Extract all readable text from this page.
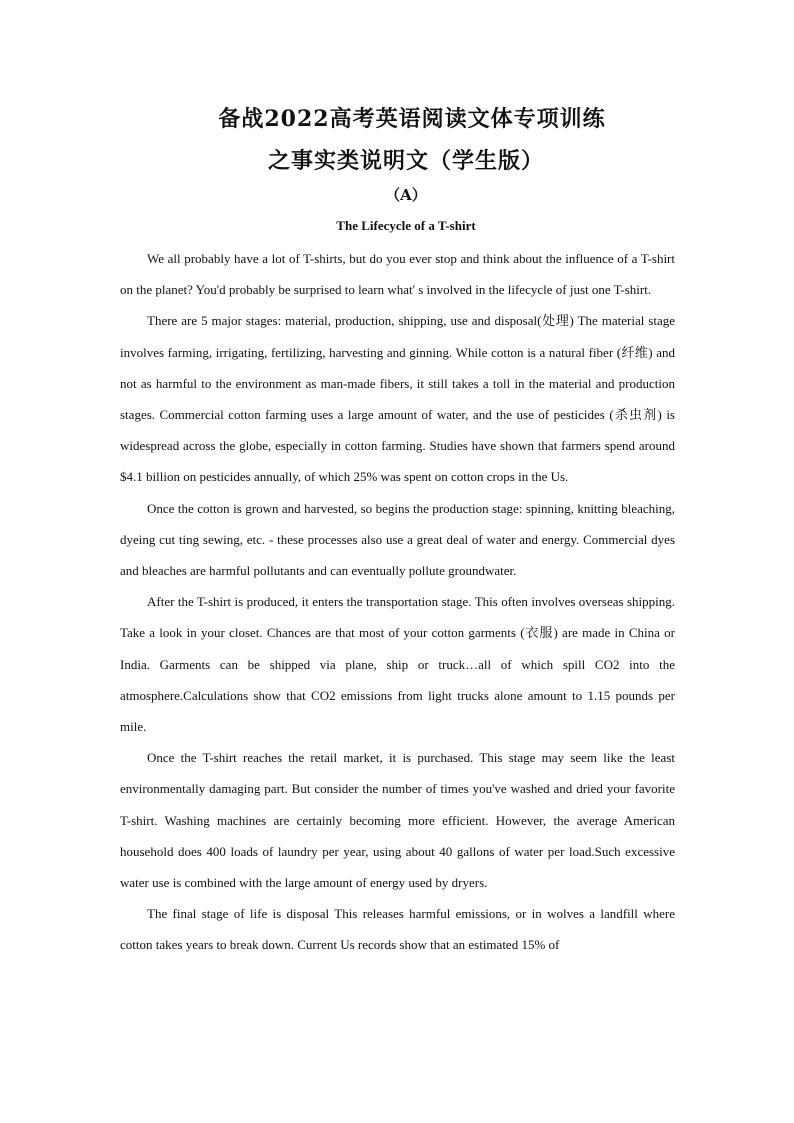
备战2022高考英语阅读文体专项训练
之事实类说明文（学生版）
（A）
The Lifecycle of a T-shirt

We all probably have a lot of T-shirts, but do you ever stop and think about the influence of a T-shirt on the planet? You'd probably be surprised to learn what' s involved in the lifecycle of just one T-shirt.

There are 5 major stages: material, production, shipping, use and disposal(处理) The material stage involves farming, irrigating, fertilizing, harvesting and ginning. While cotton is a natural fiber (纤维) and not as harmful to the environment as man-made fibers, it still takes a toll in the material and production stages. Commercial cotton farming uses a large amount of water, and the use of pesticides (杀虫剂) is widespread across the globe, especially in cotton farming. Studies have shown that farmers spend around $4.1 billion on pesticides annually, of which 25% was spent on cotton crops in the Us.

Once the cotton is grown and harvested, so begins the production stage: spinning, knitting bleaching, dyeing cut ting sewing, etc. - these processes also use a great deal of water and energy. Commercial dyes and bleaches are harmful pollutants and can eventually pollute groundwater.

After the T-shirt is produced, it enters the transportation stage. This often involves overseas shipping. Take a look in your closet. Chances are that most of your cotton garments (衣服) are made in China or India. Garments can be shipped via plane, ship or truck…all of which spill CO2 into the atmosphere.Calculations show that CO2 emissions from light trucks alone amount to 1.15 pounds per mile.

Once the T-shirt reaches the retail market, it is purchased. This stage may seem like the least environmentally damaging part. But consider the number of times you've washed and dried your favorite T-shirt. Washing machines are certainly becoming more efficient. However, the average American household does 400 loads of laundry per year, using about 40 gallons of water per load.Such excessive water use is combined with the large amount of energy used by dryers.

The final stage of life is disposal This releases harmful emissions, or in wolves a landfill where cotton takes years to break down. Current Us records show that an estimated 15% of
